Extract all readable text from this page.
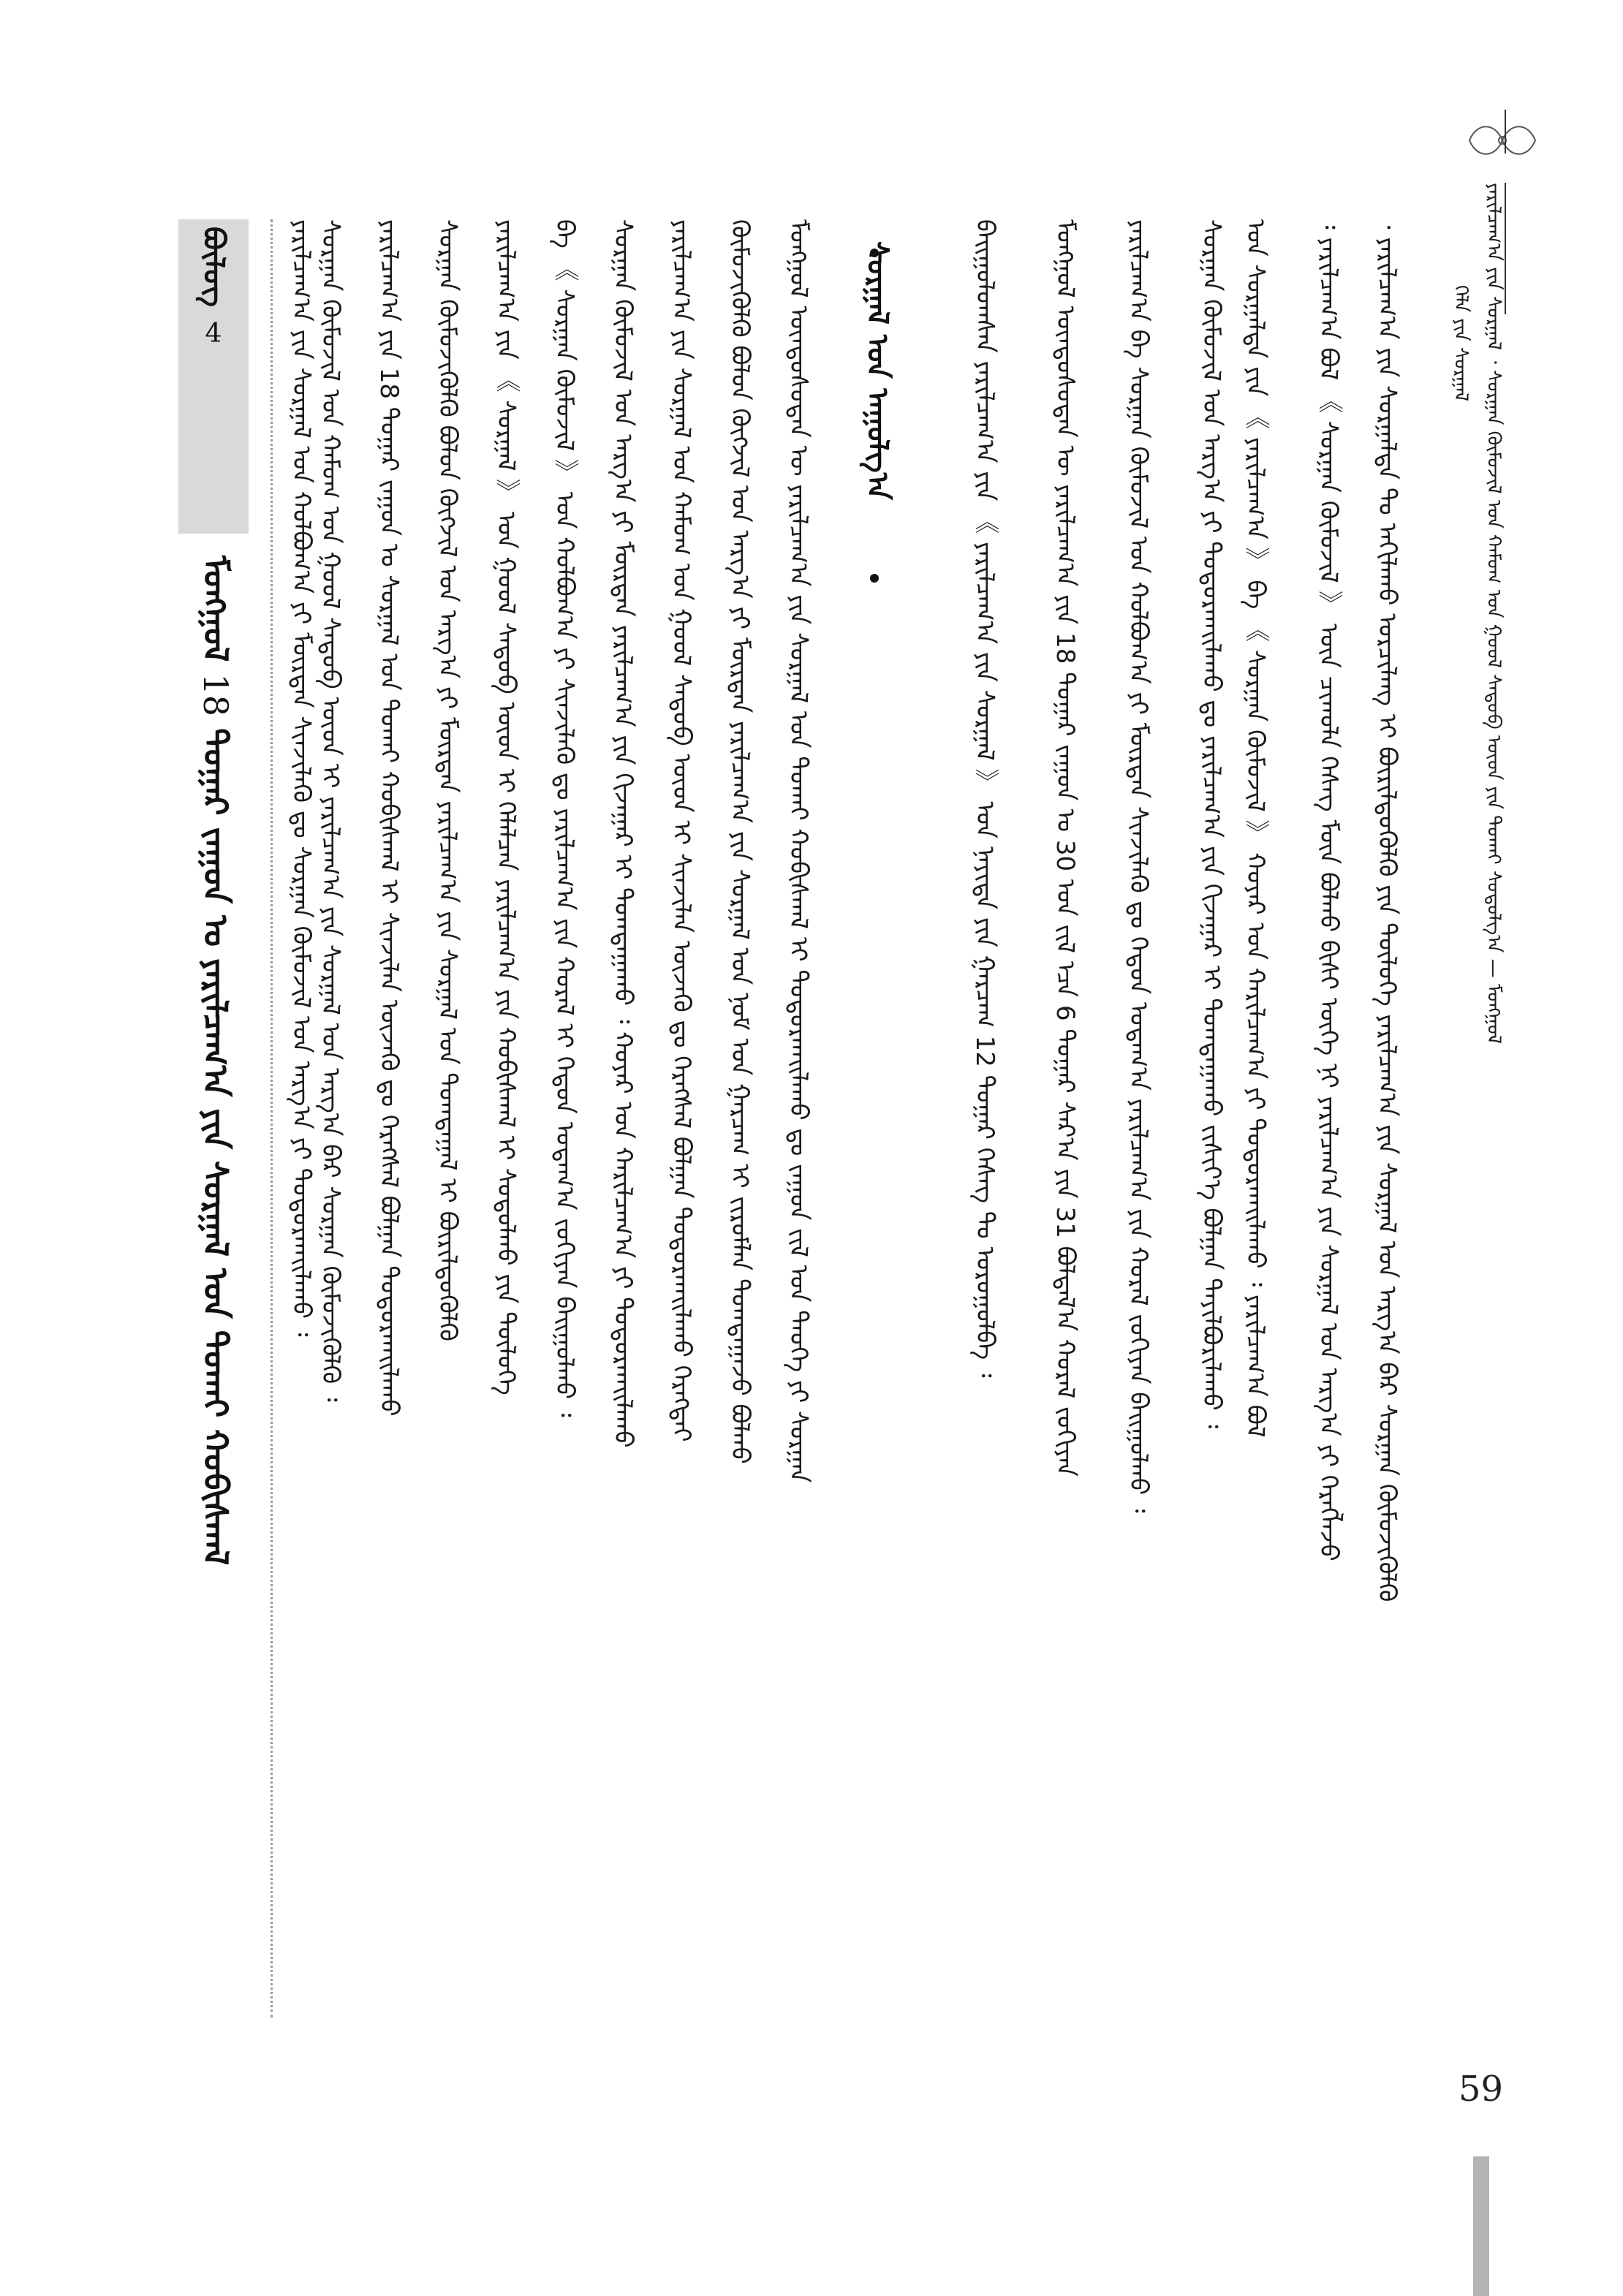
ᠶᠠᠷᠢᠯᠴᠠᠭ᠎ᠠ ᠶᠢᠨ ᠰᠤᠷᠭᠠᠯ ᠂ ᠰᠤᠷᠭᠠᠨ ᠬᠦᠮᠦᠵᠢᠯ ᠤᠨ ᠬᠠᠮᠤᠭ ᠤᠨ ᠭᠣᠣᠯ ᠰᠡᠳᠦᠪ ᠦᠳ ᠶᠢᠨ ᠲᠤᠬᠠᠢ ᠰᠤᠳᠤᠯᠭ᠎ᠠ — ᠮᠣᠩᠭᠣᠯ
ᠬᠡᠯᠡ ᠶᠢᠨ ᠰᠤᠷᠭᠠᠯ
᠂ ᠶᠠᠷᠢᠯᠴᠠᠭ᠎ᠠ ᠶᠢᠨ ᠰᠤᠷᠭᠠᠯᠳᠠ ᠲᠤ ᠠᠬᠢᠯᠠᠬᠤ ᠣᠷᠴᠢᠯᠠᠩ ᠢ ᠪᠦᠷᠢᠯᠳᠦᠭᠦᠯᠬᠦ ᠶᠢᠨ ᠲᠥᠯᠦᠭᠡ ᠶᠠᠷᠢᠯᠴᠠᠭ᠎ᠠ ᠶᠢᠨ ᠰᠤᠷᠭᠠᠯ ᠤᠨ ᠠᠷᠭ᠎ᠠ ᠪᠠᠷ ᠰᠤᠷᠭᠠᠨ ᠬᠦᠮᠦᠵᠢᠬᠦᠯᠬᠦ
᠄ ᠶᠠᠷᠢᠯᠴᠠᠭ᠎ᠠ ᠪᠣᠯ 《 ᠰᠤᠷᠭᠠᠨ ᠬᠦᠮᠦᠵᠢᠯ 》 ᠦᠨ ᠴᠢᠬᠤᠯᠠ ᠬᠡᠰᠡᠭ ᠮᠥᠨ ᠪᠣᠯᠬᠤ ᠪᠢᠰᠢ ᠦᠭᠡ ᠨᠢ ᠶᠠᠷᠢᠯᠴᠠᠭ᠎ᠠ ᠶᠢᠨ ᠰᠤᠷᠭᠠᠯ ᠤᠨ ᠠᠷᠭ᠎ᠠ ᠶᠢ ᠬᠡᠷᠡᠭᠯᠡᠵᠦ
ᠤᠨ ᠰᠤᠷᠭᠠᠯᠲᠠ ᠶᠢᠨ 《 ᠶᠠᠷᠢᠯᠴᠠᠭ᠎ᠠ 》 ᠪᠠ 《 ᠰᠤᠷᠭᠠᠨ ᠬᠦᠮᠦᠵᠢᠯ 》 ᠬᠣᠶᠠᠷ ᠤᠨ ᠬᠠᠷᠢᠯᠴᠠᠭ᠎ᠠ ᠶᠢ ᠲᠣᠳᠣᠷᠬᠠᠢᠯᠠᠬᠤ ᠄ ᠶᠠᠷᠢᠯᠴᠠᠭ᠎ᠠ ᠪᠣᠯ
ᠰᠤᠷᠭᠠᠨ ᠬᠦᠮᠦᠵᠢᠯ ᠤᠨ ᠠᠷᠭ᠎ᠠ ᠶᠢ ᠲᠣᠳᠣᠷᠬᠠᠢᠯᠠᠬᠤ ᠳᠤ ᠶᠠᠷᠢᠯᠴᠠᠭ᠎ᠠ ᠶᠢᠨ ᠬᠢᠵᠠᠭᠠᠷ ᠢ ᠲᠣᠭᠲᠠᠭᠠᠬᠤ ᠵᠢᠱᠢᠶ᠎ᠡ ᠪᠣᠯᠭᠠᠨ ᠲᠠᠶᠢᠯᠪᠤᠷᠢᠯᠠᠬᠤ ᠄
ᠶᠠᠷᠢᠯᠴᠠᠭ᠎ᠠ ᠪᠠ ᠰᠤᠷᠭᠠᠨ ᠬᠦᠮᠦᠵᠢᠯ ᠤᠨ ᠬᠣᠯᠪᠣᠭ᠎ᠠ ᠶᠢ ᠮᠥᠷᠳᠡᠨ ᠰᠢᠨᠵᠢᠯᠡᠬᠦ ᠳᠤ ᠬᠡᠳᠦᠨ ᠤᠳᠠᠭ᠎ᠠ ᠶᠠᠷᠢᠯᠴᠠᠭ᠎ᠠ ᠶᠢᠨ ᠬᠤᠷᠠᠯ ᠵᠣᠬᠢᠶᠠᠨ ᠪᠠᠢᠭᠤᠯᠬᠤ ᠄
ᠮᠣᠩᠭᠣᠯ ᠦᠨᠳᠦᠰᠦᠲᠡᠨ ᠦ ᠶᠠᠷᠢᠯᠴᠠᠭ᠎ᠠ ᠶᠢᠨ 18 ᠳᠤᠭᠠᠷ ᠵᠠᠭᠤᠨ ᠤ 30 ᠤᠨ ᠵᠢᠯ ᠡᠴᠡ 6 ᠳᠤᠭᠠᠷ ᠰᠠᠷ᠎ᠠ ᠶᠢᠨ 31 ᠪᠣᠯᠲᠠᠯ᠎ᠠ ᠬᠤᠷᠠᠯ ᠵᠣᠬᠢᠶᠠᠨ
ᠪᠠᠢᠭᠤᠯᠤᠭᠰᠠᠨ ᠶᠠᠷᠢᠯᠴᠠᠭ᠎ᠠ ᠶᠢᠨ 《 ᠶᠠᠷᠢᠯᠴᠠᠭ᠎ᠠ ᠶᠢᠨ ᠰᠤᠷᠭᠠᠯ 》 ᠤᠨ ᠨᠡᠶᠢᠲᠡ ᠶᠢᠨ ᠭᠠᠷᠴᠠᠭ 12 ᠳᠤᠭᠠᠷ ᠬᠡᠰᠡᠭ ᠲᠤ ᠣᠷᠤᠭᠤᠯᠪᠠ ᠄
ᠰᠤᠷᠭᠠᠯ ᠤᠨ ᠠᠭᠤᠯᠭ᠎ᠠ
ᠮᠣᠩᠭᠣᠯ ᠦᠨᠳᠦᠰᠦᠲᠡᠨ ᠦ ᠶᠠᠷᠢᠯᠴᠠᠭ᠎ᠠ ᠶᠢᠨ ᠰᠤᠷᠭᠠᠯ ᠤᠨ ᠲᠤᠬᠠᠢ ᠬᠤᠪᠢᠰᠬᠠᠯ ᠢ ᠲᠣᠳᠣᠷᠬᠠᠢᠯᠠᠬᠤ ᠳᠤ ᠵᠠᠭᠤᠨ ᠵᠢᠯ ᠤᠨ ᠲᠡᠦᠬᠡ ᠶᠢ ᠰᠤᠷᠭᠠᠨ
ᠬᠦᠮᠦᠵᠢᠬᠦᠯᠬᠦ ᠪᠣᠯᠤᠨ ᠬᠥᠭᠵᠢᠯ ᠤᠨ ᠠᠷᠭ᠎ᠠ ᠶᠢ ᠮᠥᠷᠳᠡᠨ ᠶᠠᠷᠢᠯᠴᠠᠭ᠎ᠠ ᠶᠢᠨ ᠰᠤᠷᠭᠠᠯ ᠤᠨ ᠨᠣᠮ ᠤᠨ ᠭᠠᠷᠴᠠᠭ ᠢ ᠵᠢᠷᠤᠮᠯᠠᠨ ᠲᠣᠭᠲᠠᠭᠠᠵᠤ ᠪᠣᠯᠬᠤ
ᠶᠠᠷᠢᠯᠴᠠᠭ᠎ᠠ ᠶᠢᠨ ᠰᠤᠷᠭᠠᠯ ᠤᠨ ᠬᠠᠮᠤᠭ ᠤᠨ ᠭᠣᠣᠯ ᠰᠡᠳᠦᠪ ᠦᠳ ᠢ ᠰᠢᠨᠵᠢᠯᠡᠨ ᠦᠵᠡᠬᠦ ᠳᠤ ᠬᠡᠷᠡᠭᠰᠡᠯ ᠪᠣᠯᠭᠠᠨ ᠲᠣᠳᠣᠷᠬᠠᠢᠯᠠᠬᠤ ᠬᠡᠷᠡᠭᠲᠡᠢ
ᠰᠤᠷᠭᠠᠨ ᠬᠦᠮᠦᠵᠢᠯ ᠤᠨ ᠠᠷᠭ᠎ᠠ ᠶᠢ ᠮᠥᠷᠳᠡᠨ ᠶᠠᠷᠢᠯᠴᠠᠭ᠎ᠠ ᠶᠢᠨ ᠬᠢᠵᠠᠭᠠᠷ ᠢ ᠲᠣᠭᠲᠠᠭᠠᠬᠤ ᠄ ᠬᠣᠶᠠᠷ ᠤᠨ ᠬᠠᠷᠢᠯᠴᠠᠭ᠎ᠠ ᠶᠢ ᠲᠣᠳᠣᠷᠬᠠᠢᠯᠠᠬᠤ
ᠪᠠ 《 ᠰᠤᠷᠭᠠᠨ ᠬᠦᠮᠦᠵᠢᠯ 》 ᠤᠨ ᠬᠣᠯᠪᠣᠭ᠎ᠠ ᠶᠢ ᠰᠢᠨᠵᠢᠯᠡᠬᠦ ᠳᠤ ᠶᠠᠷᠢᠯᠴᠠᠭ᠎ᠠ ᠶᠢᠨ ᠬᠤᠷᠠᠯ ᠢ ᠬᠡᠳᠦᠨ ᠤᠳᠠᠭ᠎ᠠ ᠵᠣᠬᠢᠶᠠᠨ ᠪᠠᠢᠭᠤᠯᠬᠤ ᠄
ᠶᠠᠷᠢᠯᠴᠠᠭ᠎ᠠ ᠶᠢᠨ 《 ᠰᠤᠷᠭᠠᠯ 》 ᠤᠨ ᠭᠣᠣᠯ ᠰᠡᠳᠦᠪ ᠦᠳ ᠢ ᠬᠡᠯᠡᠯᠴᠡᠨ ᠶᠠᠷᠢᠯᠴᠠᠭ᠎ᠠ ᠶᠢᠨ ᠬᠤᠪᠢᠰᠬᠠᠯ ᠢ ᠰᠤᠳᠤᠯᠬᠤ ᠶᠢᠨ ᠲᠥᠯᠦᠭᠡ
ᠰᠤᠷᠭᠠᠨ ᠬᠦᠮᠦᠵᠢᠬᠦᠯᠬᠦ ᠪᠣᠯᠤᠨ ᠬᠥᠭᠵᠢᠯ ᠤᠨ ᠠᠷᠭ᠎ᠠ ᠶᠢ ᠮᠥᠷᠳᠡᠨ ᠶᠠᠷᠢᠯᠴᠠᠭ᠎ᠠ ᠶᠢᠨ ᠰᠤᠷᠭᠠᠯ ᠤᠨ ᠲᠣᠭᠲᠠᠭᠠᠯ ᠢ ᠪᠦᠷᠢᠯᠳᠦᠭᠦᠯᠬᠦ
ᠶᠠᠷᠢᠯᠴᠠᠭ᠎ᠠ ᠶᠢᠨ 18 ᠳᠤᠭᠠᠷ ᠵᠠᠭᠤᠨ ᠤ ᠰᠤᠷᠭᠠᠯ ᠤᠨ ᠲᠤᠬᠠᠢ ᠬᠤᠪᠢᠰᠬᠠᠯ ᠢ ᠰᠢᠨᠵᠢᠯᠡᠨ ᠦᠵᠡᠬᠦ ᠳᠤ ᠬᠡᠷᠡᠭᠰᠡᠯ ᠪᠣᠯᠭᠠᠨ ᠲᠣᠳᠣᠷᠬᠠᠢᠯᠠᠬᠤ
ᠰᠤᠷᠭᠠᠨ ᠬᠦᠮᠦᠵᠢᠯ ᠤᠨ ᠬᠠᠮᠤᠭ ᠤᠨ ᠭᠣᠣᠯ ᠰᠡᠳᠦᠪ ᠦᠳ ᠢ ᠶᠠᠷᠢᠯᠴᠠᠭ᠎ᠠ ᠶᠢᠨ ᠰᠤᠷᠭᠠᠯ ᠤᠨ ᠠᠷᠭ᠎ᠠ ᠪᠠᠷ ᠰᠤᠷᠭᠠᠨ ᠬᠦᠮᠦᠵᠢᠬᠦᠯᠬᠦ ᠄
ᠶᠠᠷᠢᠯᠴᠠᠭ᠎ᠠ ᠶᠢᠨ ᠰᠤᠷᠭᠠᠯ ᠤᠨ ᠬᠣᠯᠪᠣᠭ᠎ᠠ ᠶᠢ ᠮᠥᠷᠳᠡᠨ ᠰᠢᠨᠵᠢᠯᠡᠬᠦ ᠳᠤ ᠰᠤᠷᠭᠠᠨ ᠬᠦᠮᠦᠵᠢᠯ ᠤᠨ ᠠᠷᠭ᠎ᠠ ᠶᠢ ᠲᠣᠳᠣᠷᠬᠠᠢᠯᠠᠬᠤ ᠄
ᠪᠦᠯᠦᠭ
4
ᠮᠣᠩᠭᠣᠯ 18 ᠳᠤᠭᠠᠷ ᠵᠠᠭᠤᠨ ᠤ ᠶᠠᠷᠢᠯᠴᠠᠭ᠎ᠠ ᠶᠢᠨ ᠰᠤᠷᠭᠠᠯ ᠤᠨ ᠲᠤᠬᠠᠢ ᠬᠤᠪᠢᠰᠬᠠᠯ
59
